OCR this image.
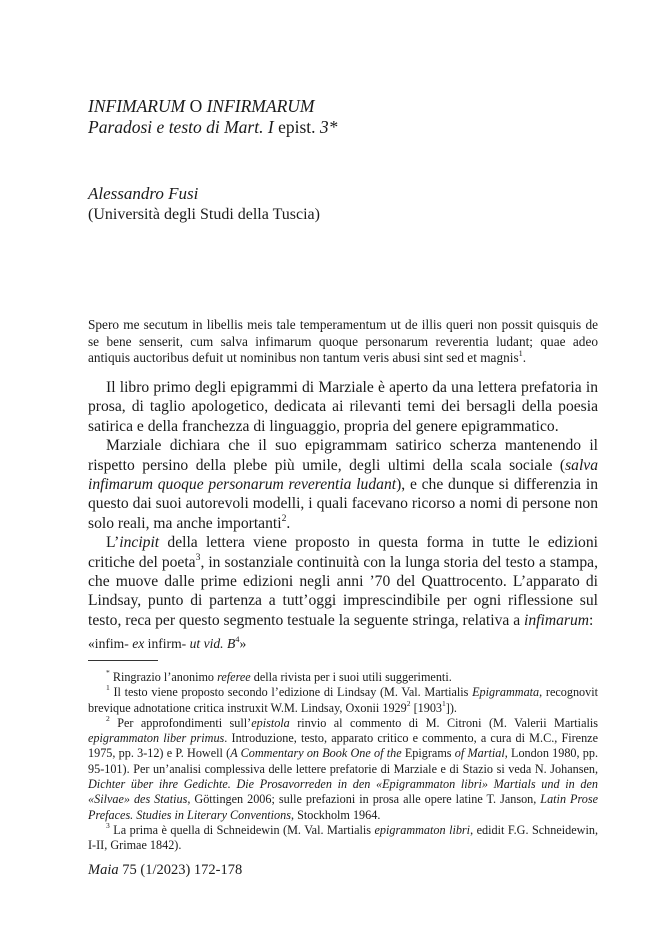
INFIMARUM O INFIRMARUM
Paradosi e testo di Mart. I epist. 3*
Alessandro Fusi
(Università degli Studi della Tuscia)
Spero me secutum in libellis meis tale temperamentum ut de illis queri non possit quisquis de se bene senserit, cum salva infimarum quoque personarum reverentia ludant; quae adeo antiquis auctoribus defuit ut nominibus non tantum veris abusi sint sed et magnis$^1$.

Il libro primo degli epigrammi di Marziale è aperto da una lettera prefatoria in prosa, di taglio apologetico, dedicata ai rilevanti temi dei bersagli della poesia satirica e della franchezza di linguaggio, propria del genere epigrammatico.

Marziale dichiara che il suo epigrammam satirico scherza mantenendo il rispetto persino della plebe più umile, degli ultimi della scala sociale (salva infimarum quoque personarum reverentia ludant), e che dunque si differenzia in questo dai suoi autorevoli modelli, i quali facevano ricorso a nomi di persone non solo reali, ma anche importanti$^2$.

L’incipit della lettera viene proposto in questa forma in tutte le edizioni critiche del poeta$^3$, in sostanziale continuità con la lunga storia del testo a stampa, che muove dalle prime edizioni negli anni ’70 del Quattrocento. L’apparato di Lindsay, punto di partenza a tutt’oggi imprescindibile per ogni riflessione sul testo, reca per questo segmento testuale la seguente stringa, relativa a infimarum:

«infim- ex infirm- ut vid. $B^4$»

* Ringrazio l’anonimo referee della rivista per i suoi utili suggerimenti.

$^1$ Il testo viene proposto secondo l’edizione di Lindsay (M. Val. Martialis Epigrammata, recognovit brevique adnotatione critica instruxit W.M. Lindsay, Oxonii 1929$^2$ [1903$^1$]).

$^2$ Per approfondimenti sull’epistola rinvio al commento di M. Citroni (M. Valerii Martialis epigrammaton liber primus. Introduzione, testo, apparato critico e commento, a cura di M.C., Firenze 1975, pp. 3-12) e P. Howell (A Commentary on Book One of the Epigrams of Martial, London 1980, pp. 95-101). Per un’analisi complessiva delle lettere prefatorie di Marziale e di Stazio si veda N. Johansen, Dichter über ihre Gedichte. Die Prosavorreden in den «Epigrammaton libri» Martials und in den «Silvae» des Statius, Göttingen 2006; sulle prefazioni in prosa alle opere latine T. Janson, Latin Prose Prefaces. Studies in Literary Conventions, Stockholm 1964.

$^3$ La prima è quella di Schneidewin (M. Val. Martialis epigrammaton libri, edidit F.G. Schneidewin, I-II, Grimae 1842).

Maia 75 (1/2023) 172-178
